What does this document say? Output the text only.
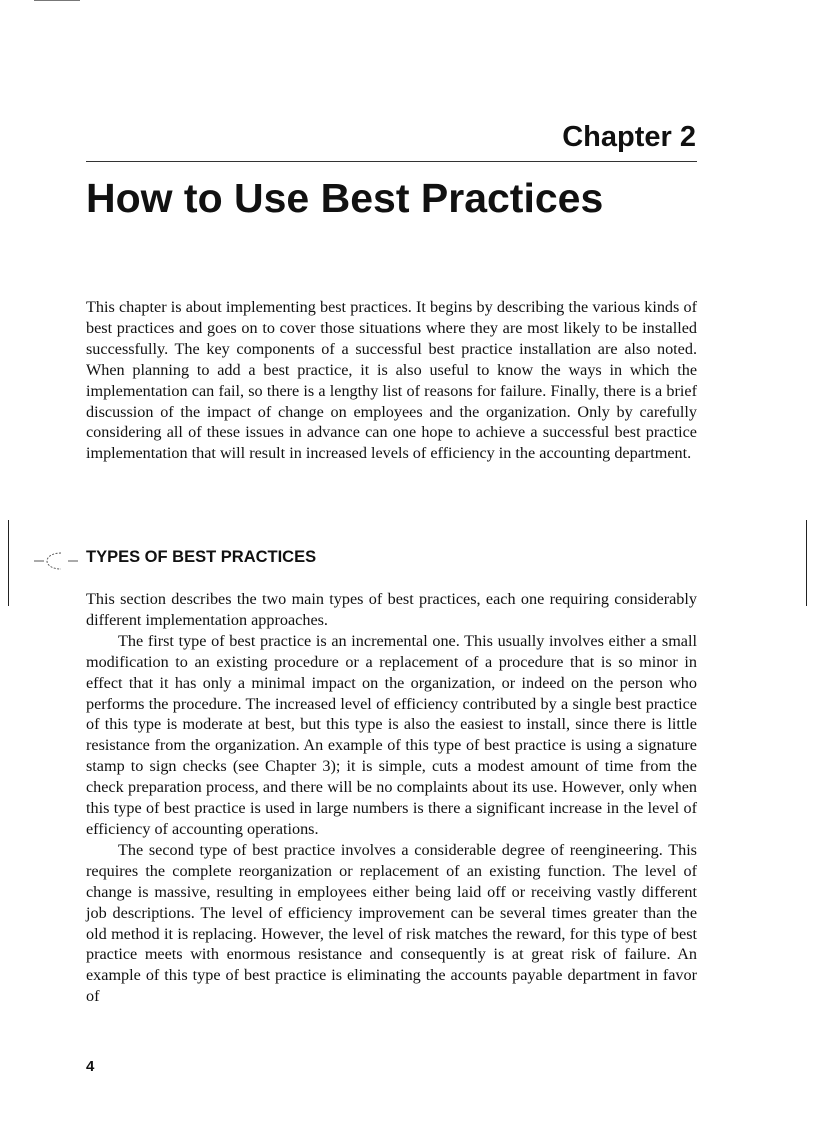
Chapter 2
How to Use Best Practices

This chapter is about implementing best practices. It begins by describing the various kinds of best practices and goes on to cover those situations where they are most likely to be installed successfully. The key components of a successful best practice installation are also noted. When planning to add a best practice, it is also useful to know the ways in which the implementation can fail, so there is a lengthy list of reasons for failure. Finally, there is a brief discussion of the impact of change on employees and the organization. Only by carefully considering all of these issues in advance can one hope to achieve a successful best practice implementation that will result in increased levels of efficiency in the accounting department.

TYPES OF BEST PRACTICES

This section describes the two main types of best practices, each one requiring considerably different implementation approaches.

The first type of best practice is an incremental one. This usually involves either a small modification to an existing procedure or a replacement of a procedure that is so minor in effect that it has only a minimal impact on the organization, or indeed on the person who performs the procedure. The increased level of efficiency contributed by a single best practice of this type is moderate at best, but this type is also the easiest to install, since there is little resistance from the organization. An example of this type of best practice is using a signature stamp to sign checks (see Chapter 3); it is simple, cuts a modest amount of time from the check preparation process, and there will be no complaints about its use. However, only when this type of best practice is used in large numbers is there a significant increase in the level of efficiency of accounting operations.

The second type of best practice involves a considerable degree of reengineering. This requires the complete reorganization or replacement of an existing function. The level of change is massive, resulting in employees either being laid off or receiving vastly different job descriptions. The level of efficiency improvement can be several times greater than the old method it is replacing. However, the level of risk matches the reward, for this type of best practice meets with enormous resistance and consequently is at great risk of failure. An example of this type of best practice is eliminating the accounts payable department in favor of

4
